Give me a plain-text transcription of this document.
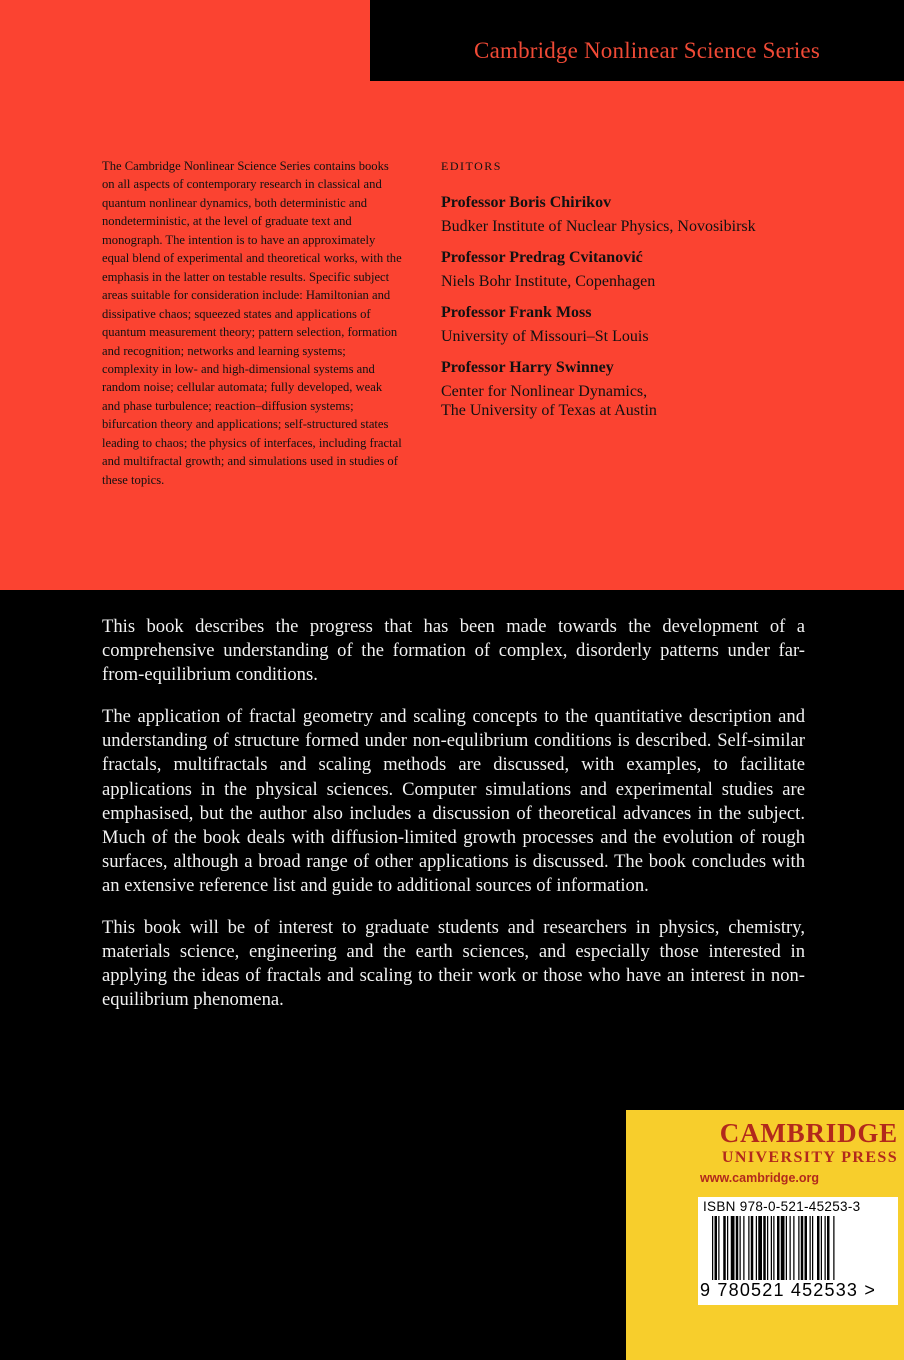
Cambridge Nonlinear Science Series
The Cambridge Nonlinear Science Series contains books on all aspects of contemporary research in classical and quantum nonlinear dynamics, both deterministic and nondeterministic, at the level of graduate text and monograph. The intention is to have an approximately equal blend of experimental and theoretical works, with the emphasis in the latter on testable results. Specific subject areas suitable for consideration include: Hamiltonian and dissipative chaos; squeezed states and applications of quantum measurement theory; pattern selection, formation and recognition; networks and learning systems; complexity in low- and high-dimensional systems and random noise; cellular automata; fully developed, weak and phase turbulence; reaction–diffusion systems; bifurcation theory and applications; self-structured states leading to chaos; the physics of interfaces, including fractal and multifractal growth; and simulations used in studies of these topics.
EDITORS
Professor Boris Chirikov
Budker Institute of Nuclear Physics, Novosibirsk
Professor Predrag Cvitanović
Niels Bohr Institute, Copenhagen
Professor Frank Moss
University of Missouri–St Louis
Professor Harry Swinney
Center for Nonlinear Dynamics,
The University of Texas at Austin

This book describes the progress that has been made towards the development of a comprehensive understanding of the formation of complex, disorderly patterns under far-from-equilibrium conditions.

The application of fractal geometry and scaling concepts to the quantitative description and understanding of structure formed under non-equlibrium conditions is described. Self-similar fractals, multifractals and scaling methods are discussed, with examples, to facilitate applications in the physical sciences. Computer simulations and experimental studies are emphasised, but the author also includes a discussion of theoretical advances in the subject. Much of the book deals with diffusion-limited growth processes and the evolution of rough surfaces, although a broad range of other applications is discussed. The book concludes with an extensive reference list and guide to additional sources of information.

This book will be of interest to graduate students and researchers in physics, chemistry, materials science, engineering and the earth sciences, and especially those interested in applying the ideas of fractals and scaling to their work or those who have an interest in non-equilibrium phenomena.

CAMBRIDGE
UNIVERSITY PRESS
www.cambridge.org
ISBN 978-0-521-45253-3
9 780521 452533 >
